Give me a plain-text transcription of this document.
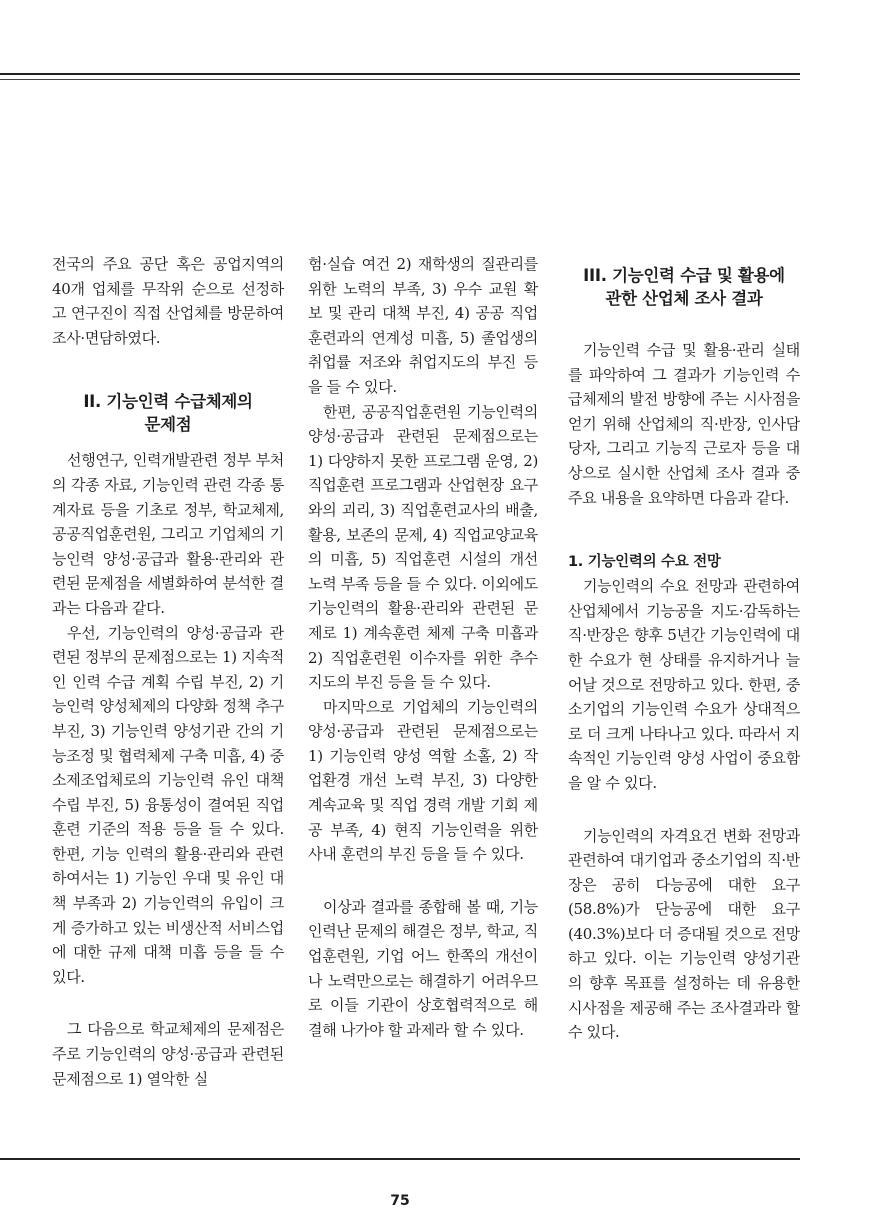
전국의 주요 공단 혹은 공업지역의 40개 업체를 무작위 순으로 선정하고 연구진이 직접 산업체를 방문하여 조사·면담하였다.

II. 기능인력 수급체제의
문제점

선행연구, 인력개발관련 정부 부처의 각종 자료, 기능인력 관련 각종 통계자료 등을 기초로 정부, 학교체제, 공공직업훈련원, 그리고 기업체의 기능인력 양성·공급과 활용·관리와 관련된 문제점을 세별화하여 분석한 결과는 다음과 같다.

우선, 기능인력의 양성·공급과 관련된 정부의 문제점으로는 1) 지속적인 인력 수급 계획 수립 부진, 2) 기능인력 양성체제의 다양화 정책 추구 부진, 3) 기능인력 양성기관 간의 기능조정 및 협력체제 구축 미흡, 4) 중소제조업체로의 기능인력 유인 대책 수립 부진, 5) 융통성이 결여된 직업훈련 기준의 적용 등을 들 수 있다. 한편, 기능 인력의 활용·관리와 관련하여서는 1) 기능인 우대 및 유인 대책 부족과 2) 기능인력의 유입이 크게 증가하고 있는 비생산적 서비스업에 대한 규제 대책 미흡 등을 들 수 있다.

그 다음으로 학교체제의 문제점은 주로 기능인력의 양성·공급과 관련된 문제점으로 1) 열악한 실

험·실습 여건 2) 재학생의 질관리를 위한 노력의 부족, 3) 우수 교원 확보 및 관리 대책 부진, 4) 공공 직업훈련과의 연계성 미흡, 5) 졸업생의 취업률 저조와 취업지도의 부진 등을 들 수 있다.

한편, 공공직업훈련원 기능인력의 양성·공급과 관련된 문제점으로는 1) 다양하지 못한 프로그램 운영, 2) 직업훈련 프로그램과 산업현장 요구와의 괴리, 3) 직업훈련교사의 배출, 활용, 보존의 문제, 4) 직업교양교육의 미흡, 5) 직업훈련 시설의 개선 노력 부족 등을 들 수 있다. 이외에도 기능인력의 활용·관리와 관련된 문제로 1) 계속훈련 체제 구축 미흡과 2) 직업훈련원 이수자를 위한 추수지도의 부진 등을 들 수 있다.

마지막으로 기업체의 기능인력의 양성·공급과 관련된 문제점으로는 1) 기능인력 양성 역할 소홀, 2) 작업환경 개선 노력 부진, 3) 다양한 계속교육 및 직업 경력 개발 기회 제공 부족, 4) 현직 기능인력을 위한 사내 훈련의 부진 등을 들 수 있다.

이상과 결과를 종합해 볼 때, 기능인력난 문제의 해결은 정부, 학교, 직업훈련원, 기업 어느 한쪽의 개선이나 노력만으로는 해결하기 어려우므로 이들 기관이 상호협력적으로 해결해 나가야 할 과제라 할 수 있다.

III. 기능인력 수급 및 활용에
관한 산업체 조사 결과

기능인력 수급 및 활용·관리 실태를 파악하여 그 결과가 기능인력 수급체제의 발전 방향에 주는 시사점을 얻기 위해 산업체의 직·반장, 인사담당자, 그리고 기능직 근로자 등을 대상으로 실시한 산업체 조사 결과 중 주요 내용을 요약하면 다음과 같다.

1. 기능인력의 수요 전망

기능인력의 수요 전망과 관련하여 산업체에서 기능공을 지도·감독하는 직·반장은 향후 5년간 기능인력에 대한 수요가 현 상태를 유지하거나 늘어날 것으로 전망하고 있다. 한편, 중소기업의 기능인력 수요가 상대적으로 더 크게 나타나고 있다. 따라서 지속적인 기능인력 양성 사업이 중요함을 알 수 있다.

기능인력의 자격요건 변화 전망과 관련하여 대기업과 중소기업의 직·반장은 공히 다능공에 대한 요구(58.8%)가 단능공에 대한 요구(40.3%)보다 더 증대될 것으로 전망하고 있다. 이는 기능인력 양성기관의 향후 목표를 설정하는 데 유용한 시사점을 제공해 주는 조사결과라 할 수 있다.

75
